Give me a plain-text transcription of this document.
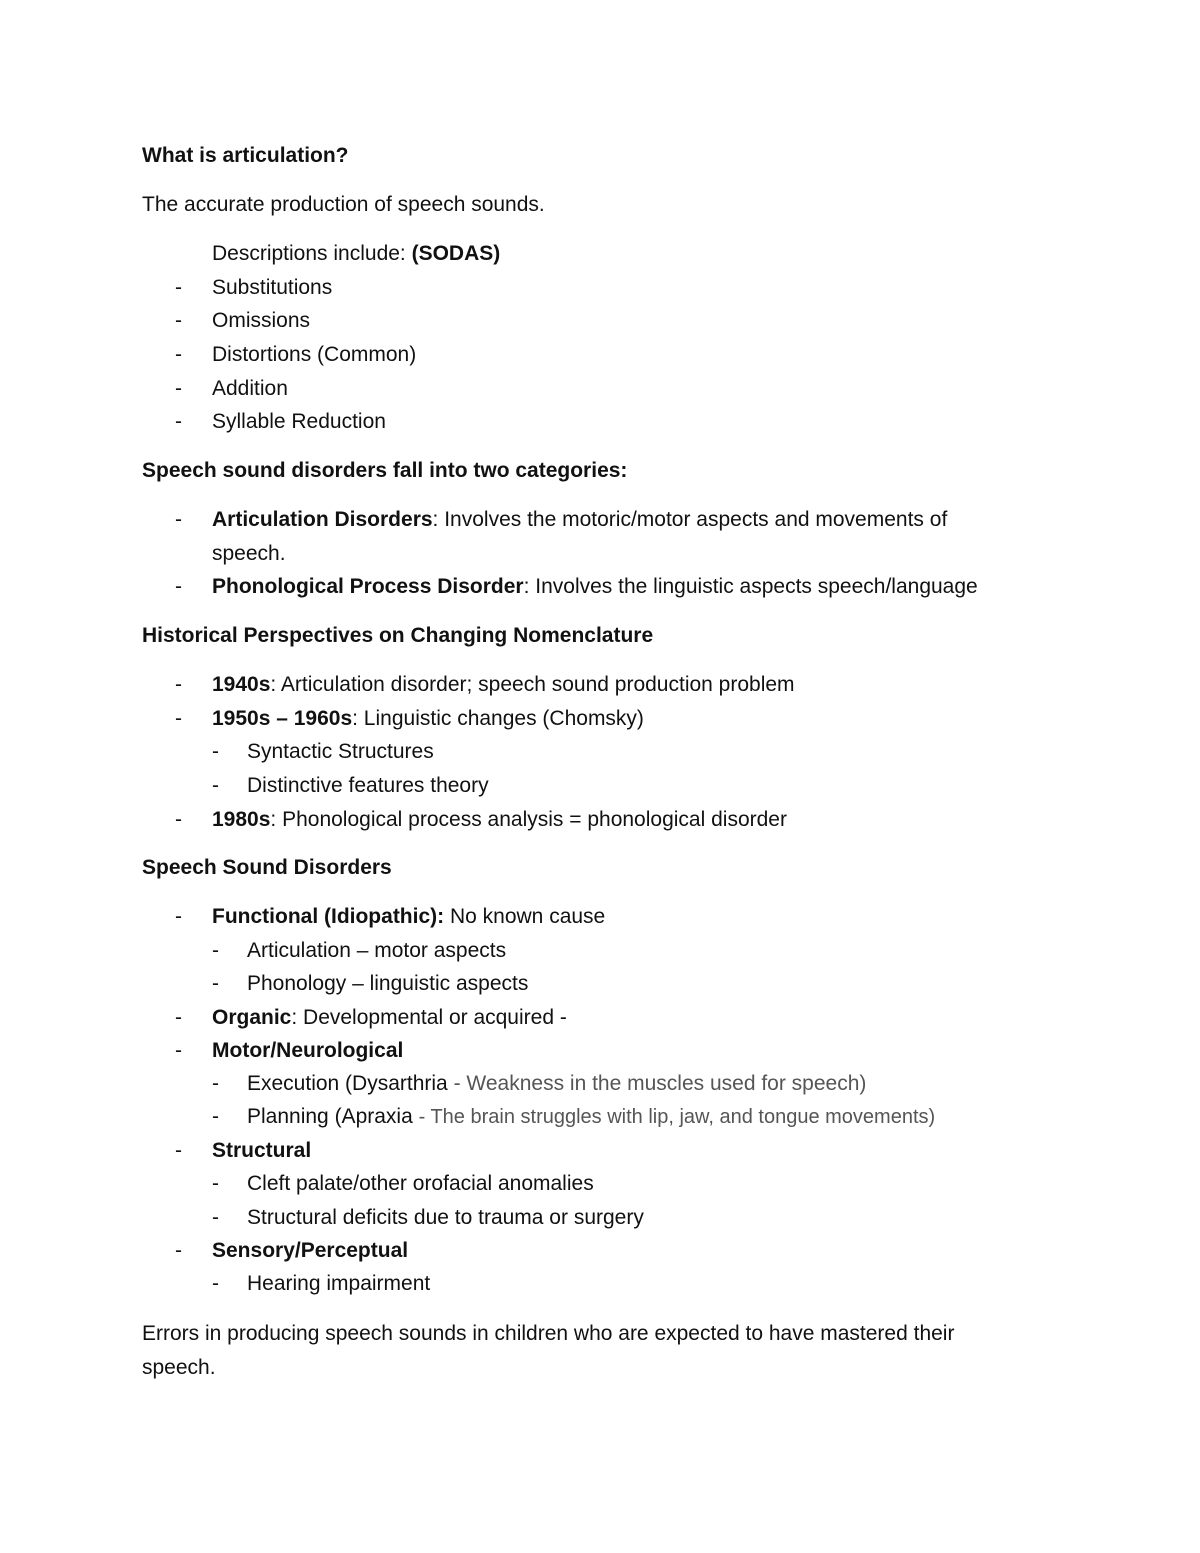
What is articulation?
The accurate production of speech sounds.
Descriptions include: (SODAS)
- Substitutions
- Omissions
- Distortions (Common)
- Addition
- Syllable Reduction
Speech sound disorders fall into two categories:
- Articulation Disorders: Involves the motoric/motor aspects and movements of
speech.
- Phonological Process Disorder: Involves the linguistic aspects speech/language
Historical Perspectives on Changing Nomenclature
- 1940s: Articulation disorder; speech sound production problem
- 1950s – 1960s: Linguistic changes (Chomsky)
- Syntactic Structures
- Distinctive features theory
- 1980s: Phonological process analysis = phonological disorder
Speech Sound Disorders
- Functional (Idiopathic): No known cause
- Articulation – motor aspects
- Phonology – linguistic aspects
- Organic: Developmental or acquired -
- Motor/Neurological
- Execution (Dysarthria - Weakness in the muscles used for speech)
- Planning (Apraxia - The brain struggles with lip, jaw, and tongue movements)
- Structural
- Cleft palate/other orofacial anomalies
- Structural deficits due to trauma or surgery
- Sensory/Perceptual
- Hearing impairment
Errors in producing speech sounds in children who are expected to have mastered their
speech.
